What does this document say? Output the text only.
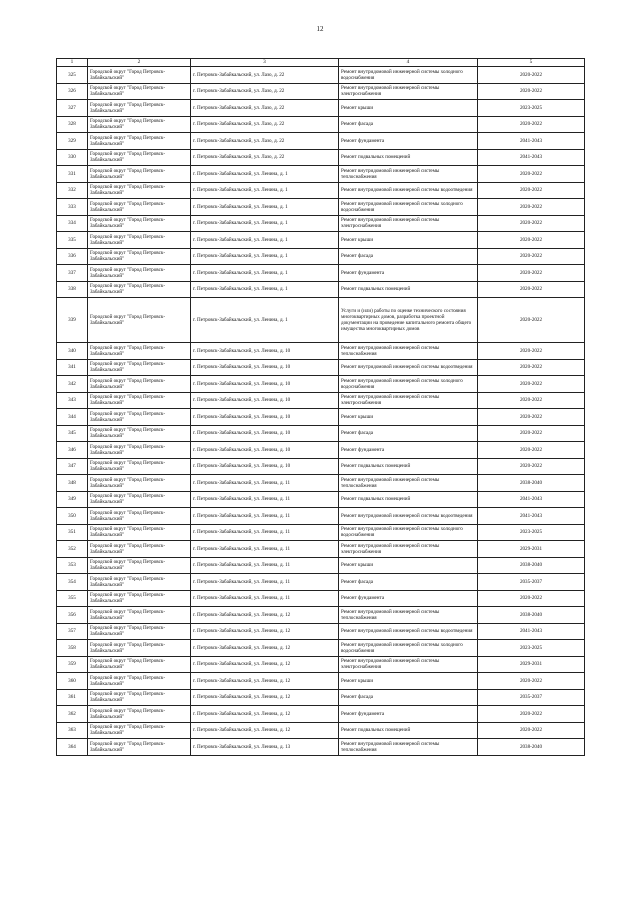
12
1	2	3	4	5
325	Городской округ "Город Петровск-Забайкальский"	г. Петровск-Забайкальский, ул. Лазо, д. 22	Ремонт внутридомовой инженерной системы холодного водоснабжения	2020-2022
326	Городской округ "Город Петровск-Забайкальский"	г. Петровск-Забайкальский, ул. Лазо, д. 22	Ремонт внутридомовой инженерной системы электроснабжения	2020-2022
327	Городской округ "Город Петровск-Забайкальский"	г. Петровск-Забайкальский, ул. Лазо, д. 22	Ремонт крыши	2023-2025
328	Городской округ "Город Петровск-Забайкальский"	г. Петровск-Забайкальский, ул. Лазо, д. 22	Ремонт фасада	2020-2022
329	Городской округ "Город Петровск-Забайкальский"	г. Петровск-Забайкальский, ул. Лазо, д. 22	Ремонт фундамента	2041-2043
330	Городской округ "Город Петровск-Забайкальский"	г. Петровск-Забайкальский, ул. Лазо, д. 22	Ремонт подвальных помещений	2041-2043
331	Городской округ "Город Петровск-Забайкальский"	г. Петровск-Забайкальский, ул. Ленина, д. 1	Ремонт внутридомовой инженерной системы теплоснабжения	2020-2022
332	Городской округ "Город Петровск-Забайкальский"	г. Петровск-Забайкальский, ул. Ленина, д. 1	Ремонт внутридомовой инженерной системы водоотведения	2020-2022
333	Городской округ "Город Петровск-Забайкальский"	г. Петровск-Забайкальский, ул. Ленина, д. 1	Ремонт внутридомовой инженерной системы холодного водоснабжения	2020-2022
334	Городской округ "Город Петровск-Забайкальский"	г. Петровск-Забайкальский, ул. Ленина, д. 1	Ремонт внутридомовой инженерной системы электроснабжения	2020-2022
335	Городской округ "Город Петровск-Забайкальский"	г. Петровск-Забайкальский, ул. Ленина, д. 1	Ремонт крыши	2020-2022
336	Городской округ "Город Петровск-Забайкальский"	г. Петровск-Забайкальский, ул. Ленина, д. 1	Ремонт фасада	2020-2022
337	Городской округ "Город Петровск-Забайкальский"	г. Петровск-Забайкальский, ул. Ленина, д. 1	Ремонт фундамента	2020-2022
338	Городской округ "Город Петровск-Забайкальский"	г. Петровск-Забайкальский, ул. Ленина, д. 1	Ремонт подвальных помещений	2020-2022
339	Городской округ "Город Петровск-Забайкальский"	г. Петровск-Забайкальский, ул. Ленина, д. 1	Услуги и (или) работы по оценке технического состояния многоквартирных домов, разработка проектной документации на проведение капитального ремонта общего имущества многоквартирных домов	2020-2022
340	Городской округ "Город Петровск-Забайкальский"	г. Петровск-Забайкальский, ул. Ленина, д. 10	Ремонт внутридомовой инженерной системы теплоснабжения	2020-2022
341	Городской округ "Город Петровск-Забайкальский"	г. Петровск-Забайкальский, ул. Ленина, д. 10	Ремонт внутридомовой инженерной системы водоотведения	2020-2022
342	Городской округ "Город Петровск-Забайкальский"	г. Петровск-Забайкальский, ул. Ленина, д. 10	Ремонт внутридомовой инженерной системы холодного водоснабжения	2020-2022
343	Городской округ "Город Петровск-Забайкальский"	г. Петровск-Забайкальский, ул. Ленина, д. 10	Ремонт внутридомовой инженерной системы электроснабжения	2020-2022
344	Городской округ "Город Петровск-Забайкальский"	г. Петровск-Забайкальский, ул. Ленина, д. 10	Ремонт крыши	2020-2022
345	Городской округ "Город Петровск-Забайкальский"	г. Петровск-Забайкальский, ул. Ленина, д. 10	Ремонт фасада	2020-2022
346	Городской округ "Город Петровск-Забайкальский"	г. Петровск-Забайкальский, ул. Ленина, д. 10	Ремонт фундамента	2020-2022
347	Городской округ "Город Петровск-Забайкальский"	г. Петровск-Забайкальский, ул. Ленина, д. 10	Ремонт подвальных помещений	2020-2022
348	Городской округ "Город Петровск-Забайкальский"	г. Петровск-Забайкальский, ул. Ленина, д. 11	Ремонт внутридомовой инженерной системы теплоснабжения	2038-2040
349	Городской округ "Город Петровск-Забайкальский"	г. Петровск-Забайкальский, ул. Ленина, д. 11	Ремонт подвальных помещений	2041-2043
350	Городской округ "Город Петровск-Забайкальский"	г. Петровск-Забайкальский, ул. Ленина, д. 11	Ремонт внутридомовой инженерной системы водоотведения	2041-2043
351	Городской округ "Город Петровск-Забайкальский"	г. Петровск-Забайкальский, ул. Ленина, д. 11	Ремонт внутридомовой инженерной системы холодного водоснабжения	2023-2025
352	Городской округ "Город Петровск-Забайкальский"	г. Петровск-Забайкальский, ул. Ленина, д. 11	Ремонт внутридомовой инженерной системы электроснабжения	2029-2031
353	Городской округ "Город Петровск-Забайкальский"	г. Петровск-Забайкальский, ул. Ленина, д. 11	Ремонт крыши	2038-2040
354	Городской округ "Город Петровск-Забайкальский"	г. Петровск-Забайкальский, ул. Ленина, д. 11	Ремонт фасада	2035-2037
355	Городской округ "Город Петровск-Забайкальский"	г. Петровск-Забайкальский, ул. Ленина, д. 11	Ремонт фундамента	2020-2022
356	Городской округ "Город Петровск-Забайкальский"	г. Петровск-Забайкальский, ул. Ленина, д. 12	Ремонт внутридомовой инженерной системы теплоснабжения	2038-2040
357	Городской округ "Город Петровск-Забайкальский"	г. Петровск-Забайкальский, ул. Ленина, д. 12	Ремонт внутридомовой инженерной системы водоотведения	2041-2043
358	Городской округ "Город Петровск-Забайкальский"	г. Петровск-Забайкальский, ул. Ленина, д. 12	Ремонт внутридомовой инженерной системы холодного водоснабжения	2023-2025
359	Городской округ "Город Петровск-Забайкальский"	г. Петровск-Забайкальский, ул. Ленина, д. 12	Ремонт внутридомовой инженерной системы электроснабжения	2029-2031
360	Городской округ "Город Петровск-Забайкальский"	г. Петровск-Забайкальский, ул. Ленина, д. 12	Ремонт крыши	2020-2022
361	Городской округ "Город Петровск-Забайкальский"	г. Петровск-Забайкальский, ул. Ленина, д. 12	Ремонт фасада	2035-2037
362	Городской округ "Город Петровск-Забайкальский"	г. Петровск-Забайкальский, ул. Ленина, д. 12	Ремонт фундамента	2020-2022
363	Городской округ "Город Петровск-Забайкальский"	г. Петровск-Забайкальский, ул. Ленина, д. 12	Ремонт подвальных помещений	2020-2022
364	Городской округ "Город Петровск-Забайкальский"	г. Петровск-Забайкальский, ул. Ленина, д. 13	Ремонт внутридомовой инженерной системы теплоснабжения	2038-2040
